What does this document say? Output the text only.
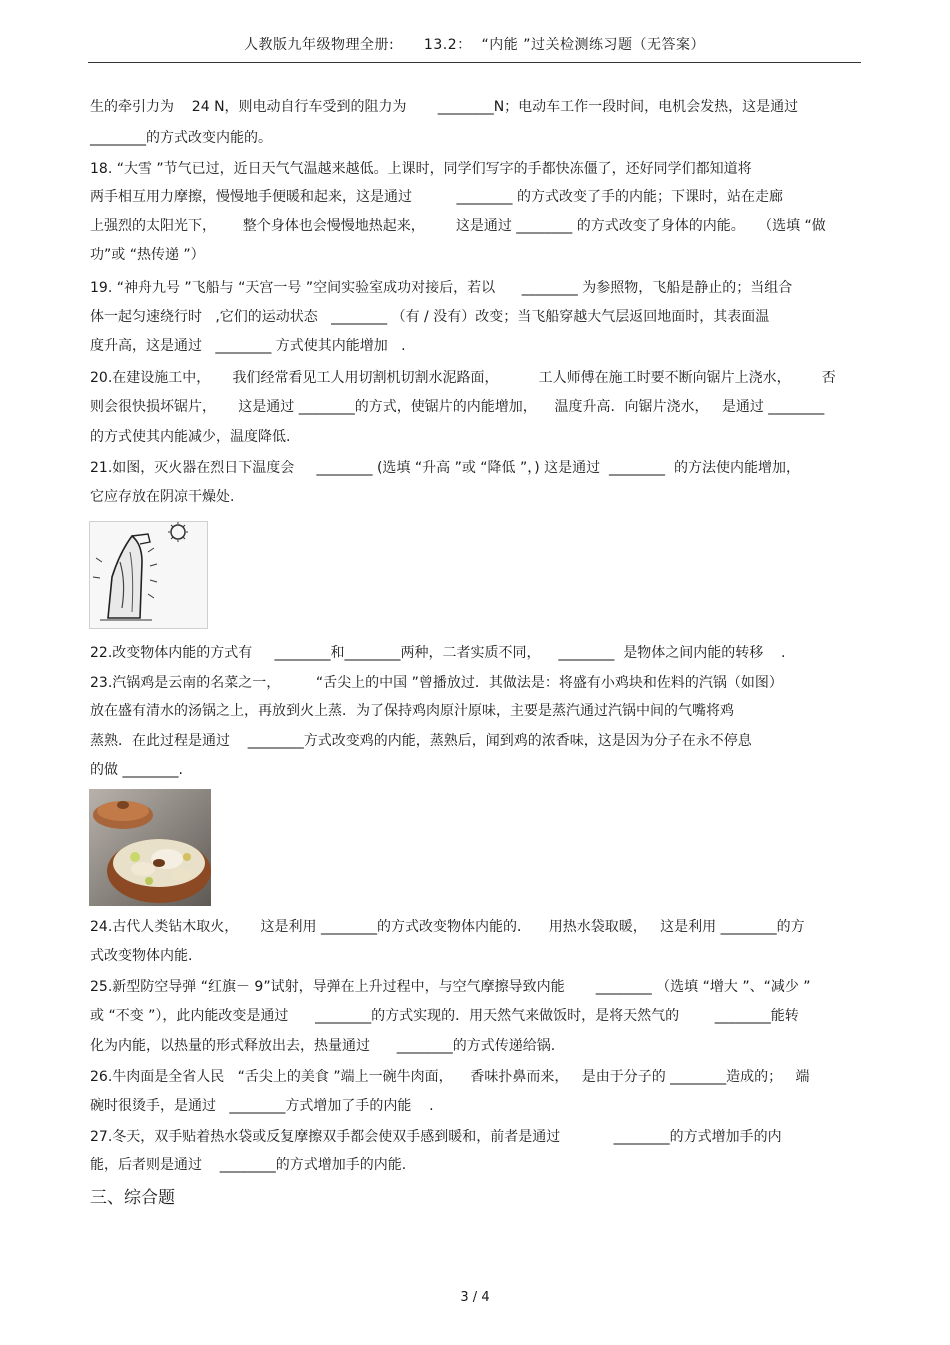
人教版九年级物理全册:      13.2：  “内能 ”过关检测练习题（无答案）
生的牵引力为    24 N，则电动自行车受到的阻力为       ________N；电动车工作一段时间，电机会发热，这是通过
________的方式改变内能的。
18. “大雪 ”节气已过，近日天气气温越来越低。上课时，同学们写字的手都快冻僵了，还好同学们都知道将
两手相互用力摩擦，慢慢地手便暖和起来，这是通过          ________ 的方式改变了手的内能；下课时，站在走廊
上强烈的太阳光下，      整个身体也会慢慢地热起来，       这是通过 ________ 的方式改变了身体的内能。   （选填 “做
功”或 “热传递 ”）
19. “神舟九号 ”飞船与 “天宫一号 ”空间实验室成功对接后，若以      ________ 为参照物，飞船是静止的；当组合
体一起匀速绕行时   ,它们的运动状态   ________ （有 / 没有）改变；当飞船穿越大气层返回地面时，其表面温
度升高，这是通过   ________ 方式使其内能增加   .
20.在建设施工中，     我们经常看见工人用切割机切割水泥路面，         工人师傅在施工时要不断向锯片上浇水，       否
则会很快损坏锯片，     这是通过 ________的方式，使锯片的内能增加，    温度升高．向锯片浇水，   是通过 ________
的方式使其内能减少，温度降低.
21.如图，灭火器在烈日下温度会     ________ (选填 “升高 ”或 “降低 ”，) 这是通过  ________  的方法使内能增加，
它应存放在阴凉干燥处.
22.改变物体内能的方式有     ________和________两种，二者实质不同，    ________  是物体之间内能的转移    .
23.汽锅鸡是云南的名菜之一，        “舌尖上的中国 ”曾播放过．其做法是：将盛有小鸡块和佐料的汽锅（如图）
放在盛有清水的汤锅之上，再放到火上蒸．为了保持鸡肉原汁原味，主要是蒸汽通过汽锅中间的气嘴将鸡
蒸熟．在此过程是通过    ________方式改变鸡的内能，蒸熟后，闻到鸡的浓香味，这是因为分子在永不停息
的做 ________.
24.古代人类钻木取火，     这是利用 ________的方式改变物体内能的．    用热水袋取暖，   这是利用 ________的方
式改变物体内能.
25.新型防空导弹 “红旗－ 9”试射，导弹在上升过程中，与空气摩擦导致内能       ________ （选填 “增大 ”、“减少 ”
或 “不变 ”），此内能改变是通过      ________的方式实现的．用天然气来做饭时，是将天然气的        ________能转
化为内能，以热量的形式释放出去，热量通过      ________的方式传递给锅.
26.牛肉面是全省人民   “舌尖上的美食 ”端上一碗牛肉面，    香味扑鼻而来，   是由于分子的 ________造成的；   端
碗时很烫手，是通过   ________方式增加了手的内能    .
27.冬天，双手贴着热水袋或反复摩擦双手都会使双手感到暖和，前者是通过            ________的方式增加手的内
能，后者则是通过    ________的方式增加手的内能.
三、综合题
3 / 4
